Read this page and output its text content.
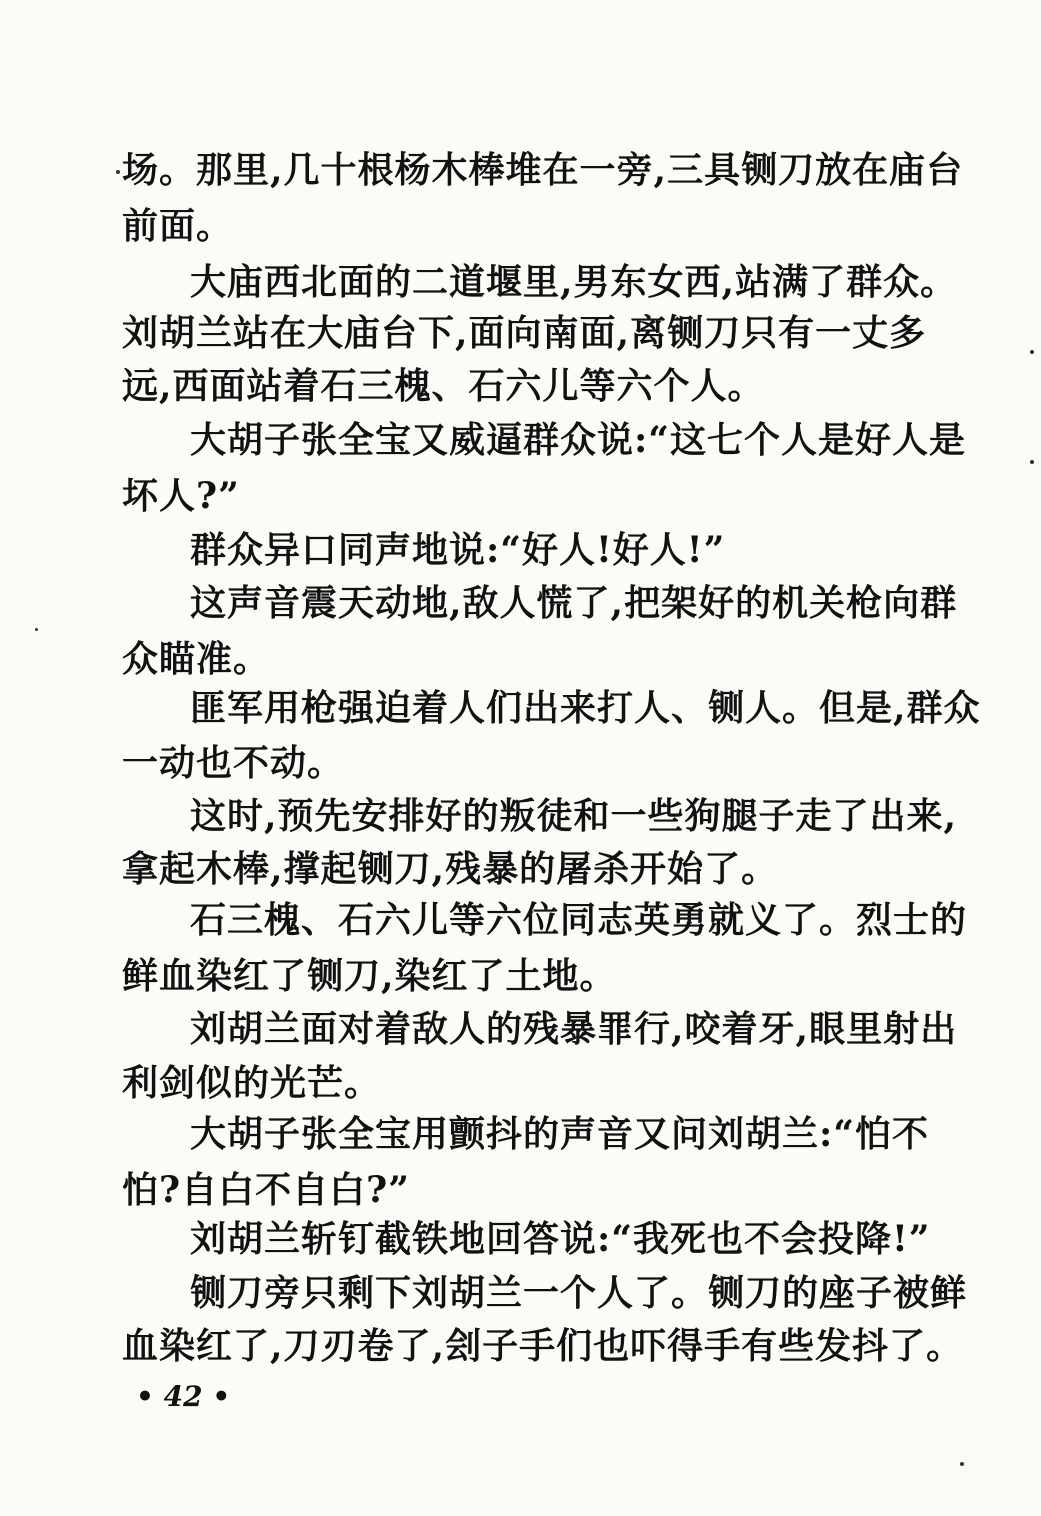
场。那里,几十根杨木棒堆在一旁,三具铡刀放在庙台
前面。
大庙西北面的二道堰里,男东女西,站满了群众。
刘胡兰站在大庙台下,面向南面,离铡刀只有一丈多
远,西面站着石三槐、石六儿等六个人。
大胡子张全宝又威逼群众说:“这七个人是好人是
坏人?”
群众异口同声地说:“好人!好人!”
这声音震天动地,敌人慌了,把架好的机关枪向群
众瞄准。
匪军用枪强迫着人们出来打人、铡人。但是,群众
一动也不动。
这时,预先安排好的叛徒和一些狗腿子走了出来,
拿起木棒,撑起铡刀,残暴的屠杀开始了。
石三槐、石六儿等六位同志英勇就义了。烈士的
鲜血染红了铡刀,染红了土地。
刘胡兰面对着敌人的残暴罪行,咬着牙,眼里射出
利剑似的光芒。
大胡子张全宝用颤抖的声音又问刘胡兰:“怕不
怕?自白不自白?”
刘胡兰斩钉截铁地回答说:“我死也不会投降!”
铡刀旁只剩下刘胡兰一个人了。铡刀的座子被鲜
血染红了,刀刃卷了,刽子手们也吓得手有些发抖了。
• 42 •
